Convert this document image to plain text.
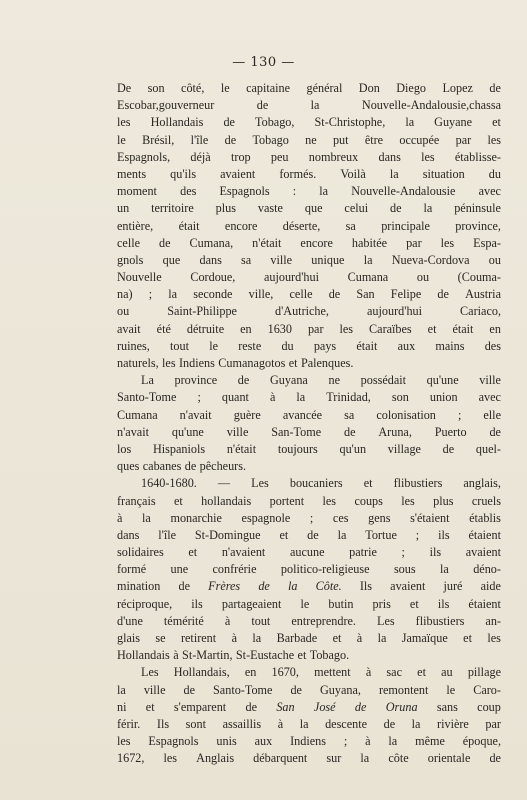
— 130 —
De son côté, le capitaine général Don Diego Lopez de
Escobar,gouverneur	de	la	Nouvelle-Andalousie,chassa
les Hollandais de Tobago, St-Christophe, la Guyane et
le Brésil, l'île de Tobago ne put être occupée par les
Espagnols, déjà trop peu nombreux dans les établisse-
ments qu'ils avaient formés. Voilà la situation du
moment des Espagnols : la Nouvelle-Andalousie avec
un territoire plus vaste que celui de la péninsule
entière, était encore déserte, sa principale province,
celle de Cumana, n'était encore habitée par les Espa-
gnols que dans sa ville unique la Nueva-Cordova ou
Nouvelle Cordoue, aujourd'hui Cumana ou (Couma-
na) ; la seconde ville, celle de San Felipe de Austria
ou	Saint-Philippe	d'Autriche,	aujourd'hui	Cariaco,
avait été détruite en 1630 par les Caraïbes et était en
ruines, tout le reste du pays était aux mains des
naturels, les Indiens Cumanagotos et Palenques.
La province de Guyana ne possédait qu'une ville
Santo-Tome ; quant à la Trinidad, son union avec
Cumana n'avait guère avancée sa colonisation ; elle
n'avait qu'une ville San-Tome de Aruna, Puerto de
los Hispaniols n'était toujours qu'un village de quel-
ques cabanes de pêcheurs.
1640-1680. — Les boucaniers et flibustiers anglais,
français et hollandais portent les coups les plus cruels
à la monarchie espagnole ; ces gens s'étaient établis
dans l'île St-Domingue et de la Tortue ; ils étaient
solidaires et n'avaient aucune patrie ; ils avaient
formé une confrérie politico-religieuse sous la déno-
mination de Frères de la Côte. Ils avaient juré aide
réciproque, ils partageaient le butin pris et ils étaient
d'une témérité à tout entreprendre. Les flibustiers an-
glais se retirent à la Barbade et à la Jamaïque et les
Hollandais à St-Martin, St-Eustache et Tobago.
Les Hollandais, en 1670, mettent à sac et au pillage
la ville de Santo-Tome de Guyana, remontent le Caro-
ni et s'emparent de San José de Oruna sans coup
férir. Ils sont assaillis à la descente de la rivière par
les Espagnols unis aux Indiens ; à la même époque,
1672, les Anglais débarquent sur la côte orientale de
